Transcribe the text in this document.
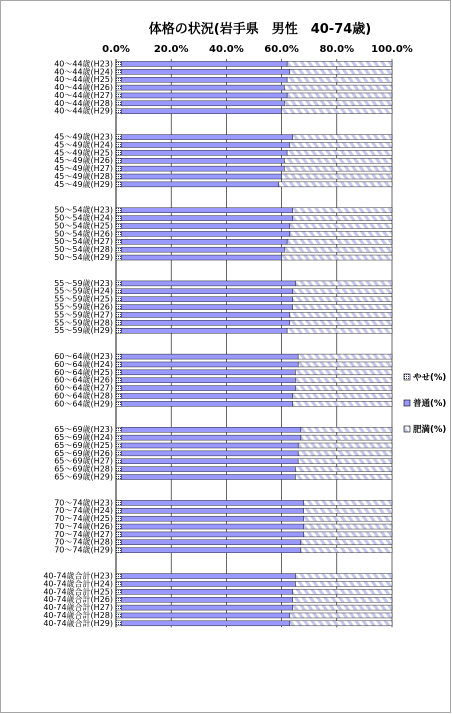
体格の状況(岩手県　男性　40-74歳)
0.0% 20.0% 40.0% 60.0% 80.0% 100.0%
40～44歳(H23)
40～44歳(H24)
40～44歳(H25)
40～44歳(H26)
40～44歳(H27)
40～44歳(H28)
40～44歳(H29)
45～49歳(H23)
45～49歳(H24)
45～49歳(H25)
45～49歳(H26)
45～49歳(H27)
45～49歳(H28)
45～49歳(H29)
50～54歳(H23)
50～54歳(H24)
50～54歳(H25)
50～54歳(H26)
50～54歳(H27)
50～54歳(H28)
50～54歳(H29)
55～59歳(H23)
55～59歳(H24)
55～59歳(H25)
55～59歳(H26)
55～59歳(H27)
55～59歳(H28)
55～59歳(H29)
60～64歳(H23)
60～64歳(H24)
60～64歳(H25)
60～64歳(H26)
60～64歳(H27)
60～64歳(H28)
60～64歳(H29)
65～69歳(H23)
65～69歳(H24)
65～69歳(H25)
65～69歳(H26)
65～69歳(H27)
65～69歳(H28)
65～69歳(H29)
70～74歳(H23)
70～74歳(H24)
70～74歳(H25)
70～74歳(H26)
70～74歳(H27)
70～74歳(H28)
70～74歳(H29)
40-74歳合計(H23)
40-74歳合計(H24)
40-74歳合計(H25)
40-74歳合計(H26)
40-74歳合計(H27)
40-74歳合計(H28)
40-74歳合計(H29)
やせ(%)
普通(%)
肥満(%)
